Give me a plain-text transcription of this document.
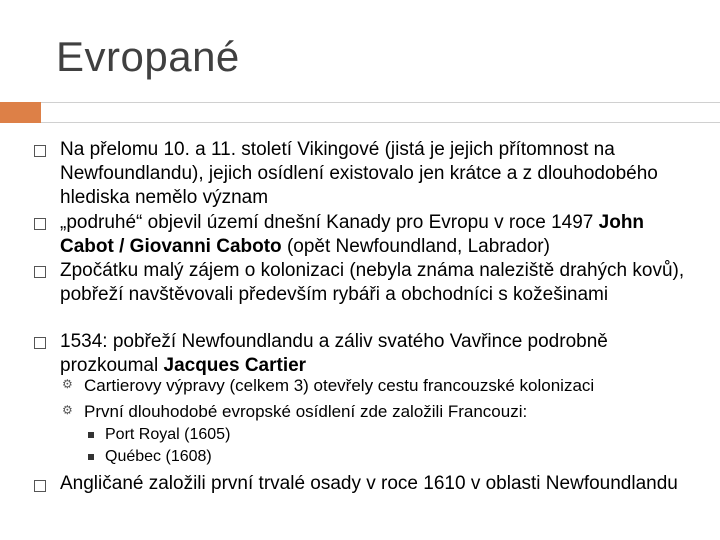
Evropané
Na přelomu 10. a 11. století Vikingové (jistá je jejich přítomnost na Newfoundlandu), jejich osídlení existovalo jen krátce a z dlouhodobého hlediska nemělo význam
„podruhé“ objevil území dnešní Kanady pro Evropu v roce 1497 John Cabot / Giovanni Caboto (opět Newfoundland, Labrador)
Zpočátku malý zájem o kolonizaci (nebyla známa naleziště drahých kovů), pobřeží navštěvovali především rybáři a obchodníci s kožešinami
1534: pobřeží Newfoundlandu a záliv svatého Vavřince podrobně prozkoumal Jacques Cartier
⚙ Cartierovy výpravy (celkem 3) otevřely cestu francouzské kolonizaci
⚙ První dlouhodobé evropské osídlení zde založili Francouzi:
Port Royal (1605)
Québec (1608)
Angličané založili první trvalé osady v roce 1610 v oblasti Newfoundlandu
